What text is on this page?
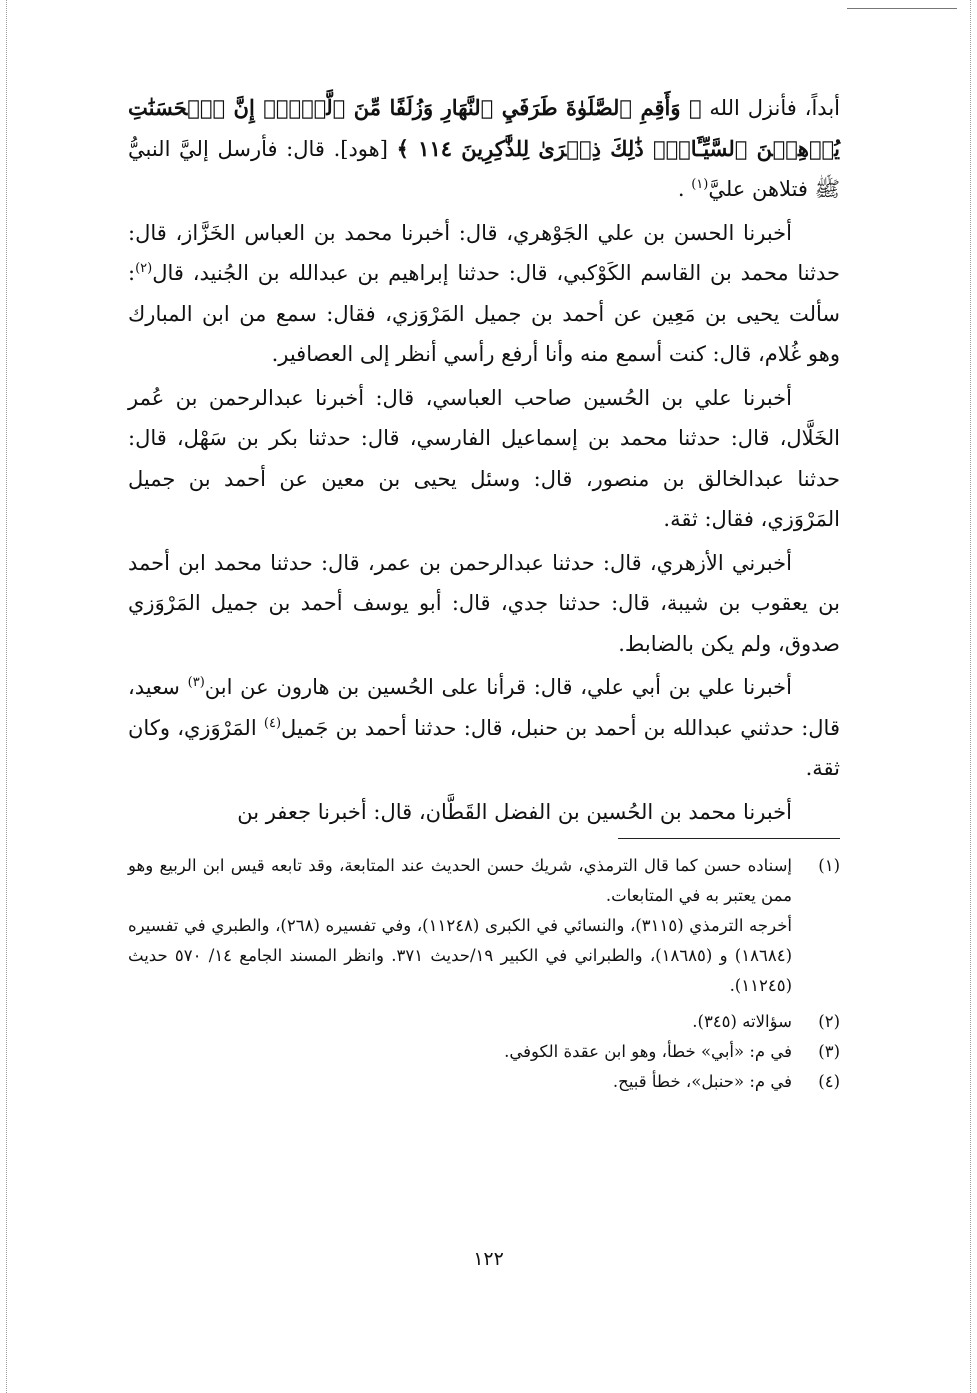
أبداً، فأنزل الله ﴿ وَأَقِمِ ٱلصَّلَوٰةَ طَرَفَيِ ٱلنَّهَارِ وَزُلَفًا مِّنَ ٱلَّيۡلِۚ إِنَّ ٱلۡحَسَنَٰتِ يُذۡهِبۡنَ ٱلسَّيِّـَٔاتِۚ ذَٰلِكَ ذِكۡرَىٰ لِلذَّٰكِرِينَ ١١٤ ﴾ [هود]. قال: فأرسل إليَّ النبيُّ ﷺ فتلاهن عليَّ$^{(١)}$ .

أخبرنا الحسن بن علي الجَوْهري، قال: أخبرنا محمد بن العباس الخَزَّاز، قال: حدثنا محمد بن القاسم الكَوْكبي، قال: حدثنا إبراهيم بن عبدالله بن الجُنيد، قال$^{(٢)}$: سألت يحيى بن مَعِين عن أحمد بن جميل المَرْوَزي، فقال: سمع من ابن المبارك وهو غُلام، قال: كنت أسمع منه وأنا أرفع رأسي أنظر إلى العصافير.

أخبرنا علي بن الحُسين صاحب العباسي، قال: أخبرنا عبدالرحمن بن عُمر الخَلَّال، قال: حدثنا محمد بن إسماعيل الفارسي، قال: حدثنا بكر بن سَهْل، قال: حدثنا عبدالخالق بن منصور، قال: وسئل يحيى بن معين عن أحمد بن جميل المَرْوَزي، فقال: ثقة.

أخبرني الأزهري، قال: حدثنا عبدالرحمن بن عمر، قال: حدثنا محمد ابن أحمد بن يعقوب بن شيبة، قال: حدثنا جدي، قال: أبو يوسف أحمد بن جميل المَرْوَزي صدوق، ولم يكن بالضابط.

أخبرنا علي بن أبي علي، قال: قرأنا على الحُسين بن هارون عن ابن$^{(٣)}$ سعيد، قال: حدثني عبدالله بن أحمد بن حنبل، قال: حدثنا أحمد بن جَميل$^{(٤)}$ المَرْوَزي، وكان ثقة.

أخبرنا محمد بن الحُسين بن الفضل القَطَّان، قال: أخبرنا جعفر بن

(١)
إسناده حسن كما قال الترمذي، شريك حسن الحديث عند المتابعة، وقد تابعه قيس ابن الربيع وهو ممن يعتبر به في المتابعات.
أخرجه الترمذي (٣١١٥)، والنسائي في الكبرى (١١٢٤٨)، وفي تفسيره (٢٦٨)، والطبري في تفسيره (١٨٦٨٤) و (١٨٦٨٥)، والطبراني في الكبير ١٩/حديث ٣٧١. وانظر المسند الجامع ١٤/ ٥٧٠ حديث (١١٢٤٥).
(٢)
سؤالاته (٣٤٥).
(٣)
في م: «أبي» خطأ، وهو ابن عقدة الكوفي.
(٤)
في م: «حنبل»، خطأ قبيح.
١٢٢
